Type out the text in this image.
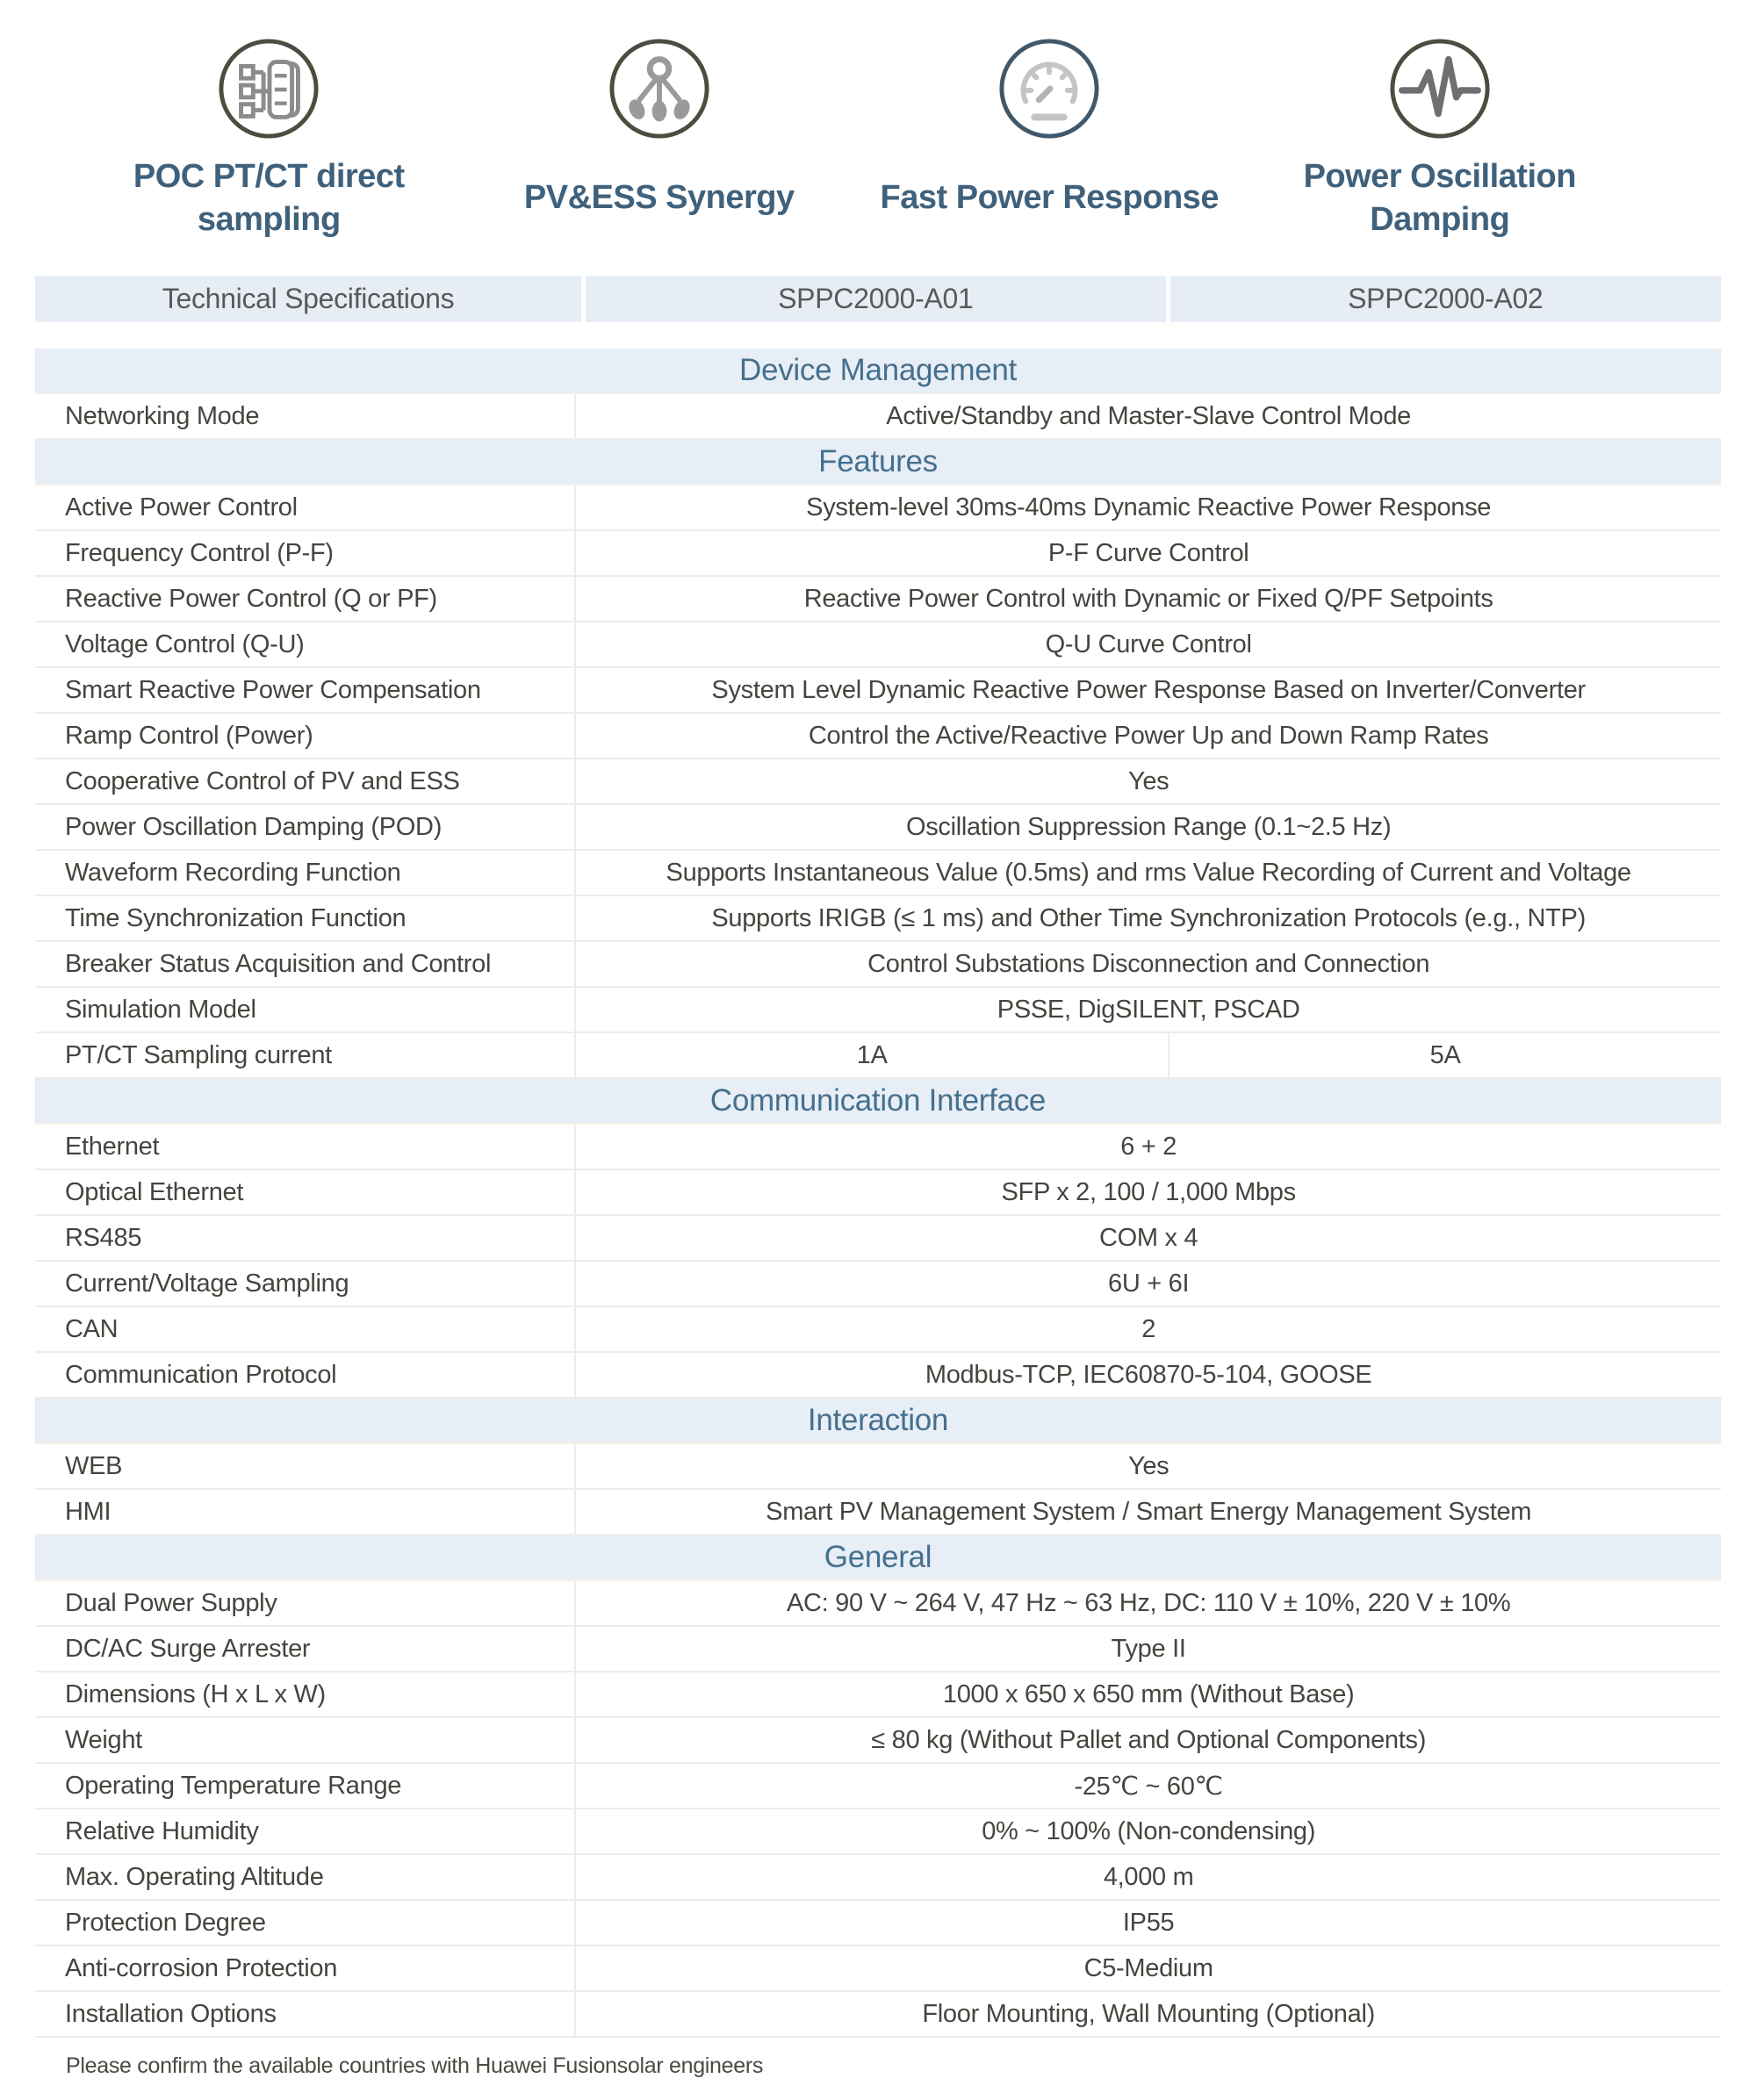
POC PT/CT direct sampling
PV&ESS Synergy	Fast Power Response
Power Oscillation Damping
Technical Specifications	SPPC2000-A01	SPPC2000-A02
Device Management
Networking Mode	Active/Standby and Master-Slave Control Mode
Features
Active Power Control	System-level 30ms-40ms Dynamic Reactive Power Response
Frequency Control (P-F)	P-F Curve Control
Reactive Power Control (Q or PF)	Reactive Power Control with Dynamic or Fixed Q/PF Setpoints
Voltage Control (Q-U)	Q-U Curve Control
Smart Reactive Power Compensation	System Level Dynamic Reactive Power Response Based on Inverter/Converter
Ramp Control (Power)	Control the Active/Reactive Power Up and Down Ramp Rates
Cooperative Control of PV and ESS	Yes
Power Oscillation Damping (POD)	Oscillation Suppression Range (0.1~2.5 Hz)
Waveform Recording Function	Supports Instantaneous Value (0.5ms) and rms Value Recording of Current and Voltage
Time Synchronization Function	Supports IRIGB (≤ 1 ms) and Other Time Synchronization Protocols (e.g., NTP)
Breaker Status Acquisition and Control	Control Substations Disconnection and Connection
Simulation Model	PSSE, DigSILENT, PSCAD
PT/CT Sampling current	1A	5A
Communication Interface
Ethernet	6 + 2
Optical Ethernet	SFP x 2, 100 / 1,000 Mbps
RS485	COM x 4
Current/Voltage Sampling	6U + 6I
CAN	2
Communication Protocol	Modbus-TCP, IEC60870-5-104, GOOSE
Interaction
WEB	Yes
HMI	Smart PV Management System / Smart Energy Management System
General
Dual Power Supply	AC: 90 V ~ 264 V, 47 Hz ~ 63 Hz, DC: 110 V ± 10%, 220 V ± 10%
DC/AC Surge Arrester	Type II
Dimensions (H x L x W)	1000 x 650 x 650 mm (Without Base)
Weight	≤ 80 kg (Without Pallet and Optional Components)
Operating Temperature Range	-25℃ ~ 60℃
Relative Humidity	0% ~ 100% (Non-condensing)
Max. Operating Altitude	4,000 m
Protection Degree	IP55
Anti-corrosion Protection	C5-Medium
Installation Options	Floor Mounting, Wall Mounting (Optional)
Please confirm the available countries with Huawei Fusionsolar engineers
